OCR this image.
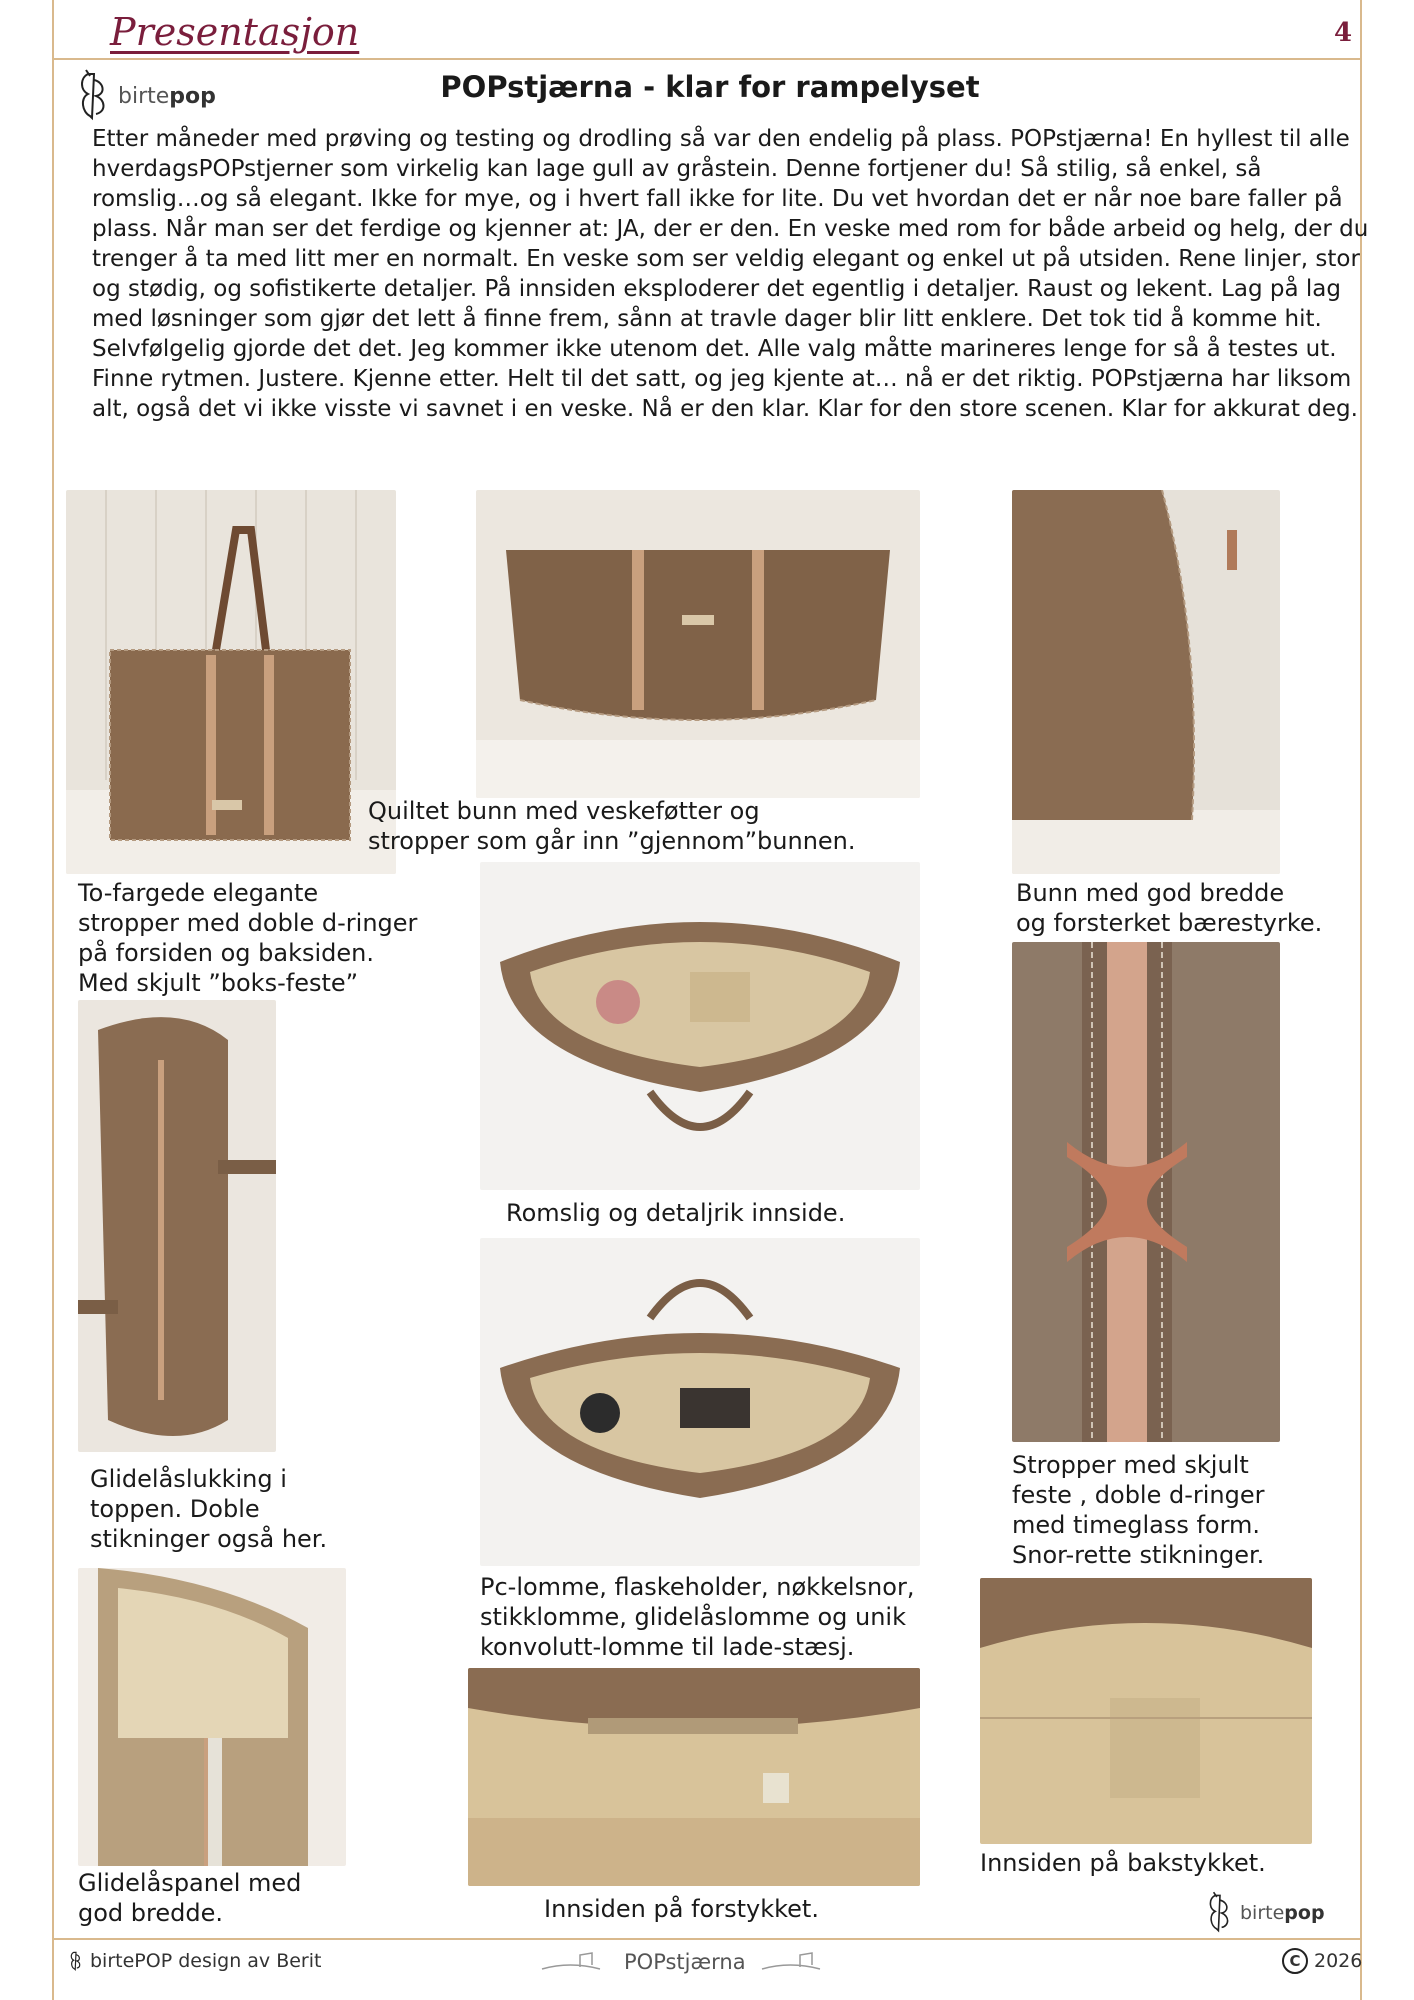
Presentasjon	4
birtepop	POPstjærna - klar for rampelyset

Etter måneder med prøving og testing og drodling så var den endelig på plass. POPstjærna! En hyllest til alle hverdagsPOPstjerner som virkelig kan lage gull av gråstein. Denne fortjener du! Så stilig, så enkel, så romslig…og så elegant. Ikke for mye, og i hvert fall ikke for lite. Du vet hvordan det er når noe bare faller på plass. Når man ser det ferdige og kjenner at: JA, der er den. En veske med rom for både arbeid og helg, der du trenger å ta med litt mer en normalt. En veske som ser veldig elegant og enkel ut på utsiden. Rene linjer, stor og stødig, og sofistikerte detaljer. På innsiden eksploderer det egentlig i detaljer. Raust og lekent. Lag på lag med løsninger som gjør det lett å finne frem, sånn at travle dager blir litt enklere. Det tok tid å komme hit. Selvfølgelig gjorde det det. Jeg kommer ikke utenom det. Alle valg måtte marineres lenge for så å testes ut. Finne rytmen. Justere. Kjenne etter. Helt til det satt, og jeg kjente at… nå er det riktig. POPstjærna har liksom alt, også det vi ikke visste vi savnet i en veske. Nå er den klar. Klar for den store scenen. Klar for akkurat deg.

Quiltet bunn med veskeføtter og
stropper som går inn ”gjennom”bunnen.
To-fargede elegante
stropper med doble d-ringer
på forsiden og baksiden.
Med skjult ”boks-feste”
Bunn med god bredde
og forsterket bærestyrke.
Romslig og detaljrik innside.
Glidelåslukking i
toppen. Doble
stikninger også her.
Stropper med skjult
feste , doble d-ringer
med timeglass form.
Snor-rette stikninger.
Pc-lomme, flaskeholder, nøkkelsnor,
stikklomme, glidelåslomme og unik
konvolutt-lomme til lade-stæsj.
Glidelåspanel med
god bredde.
Innsiden på bakstykket.
Innsiden på forstykket.	birtepop
birtePOP design av Berit	POPstjærna	C 2026
